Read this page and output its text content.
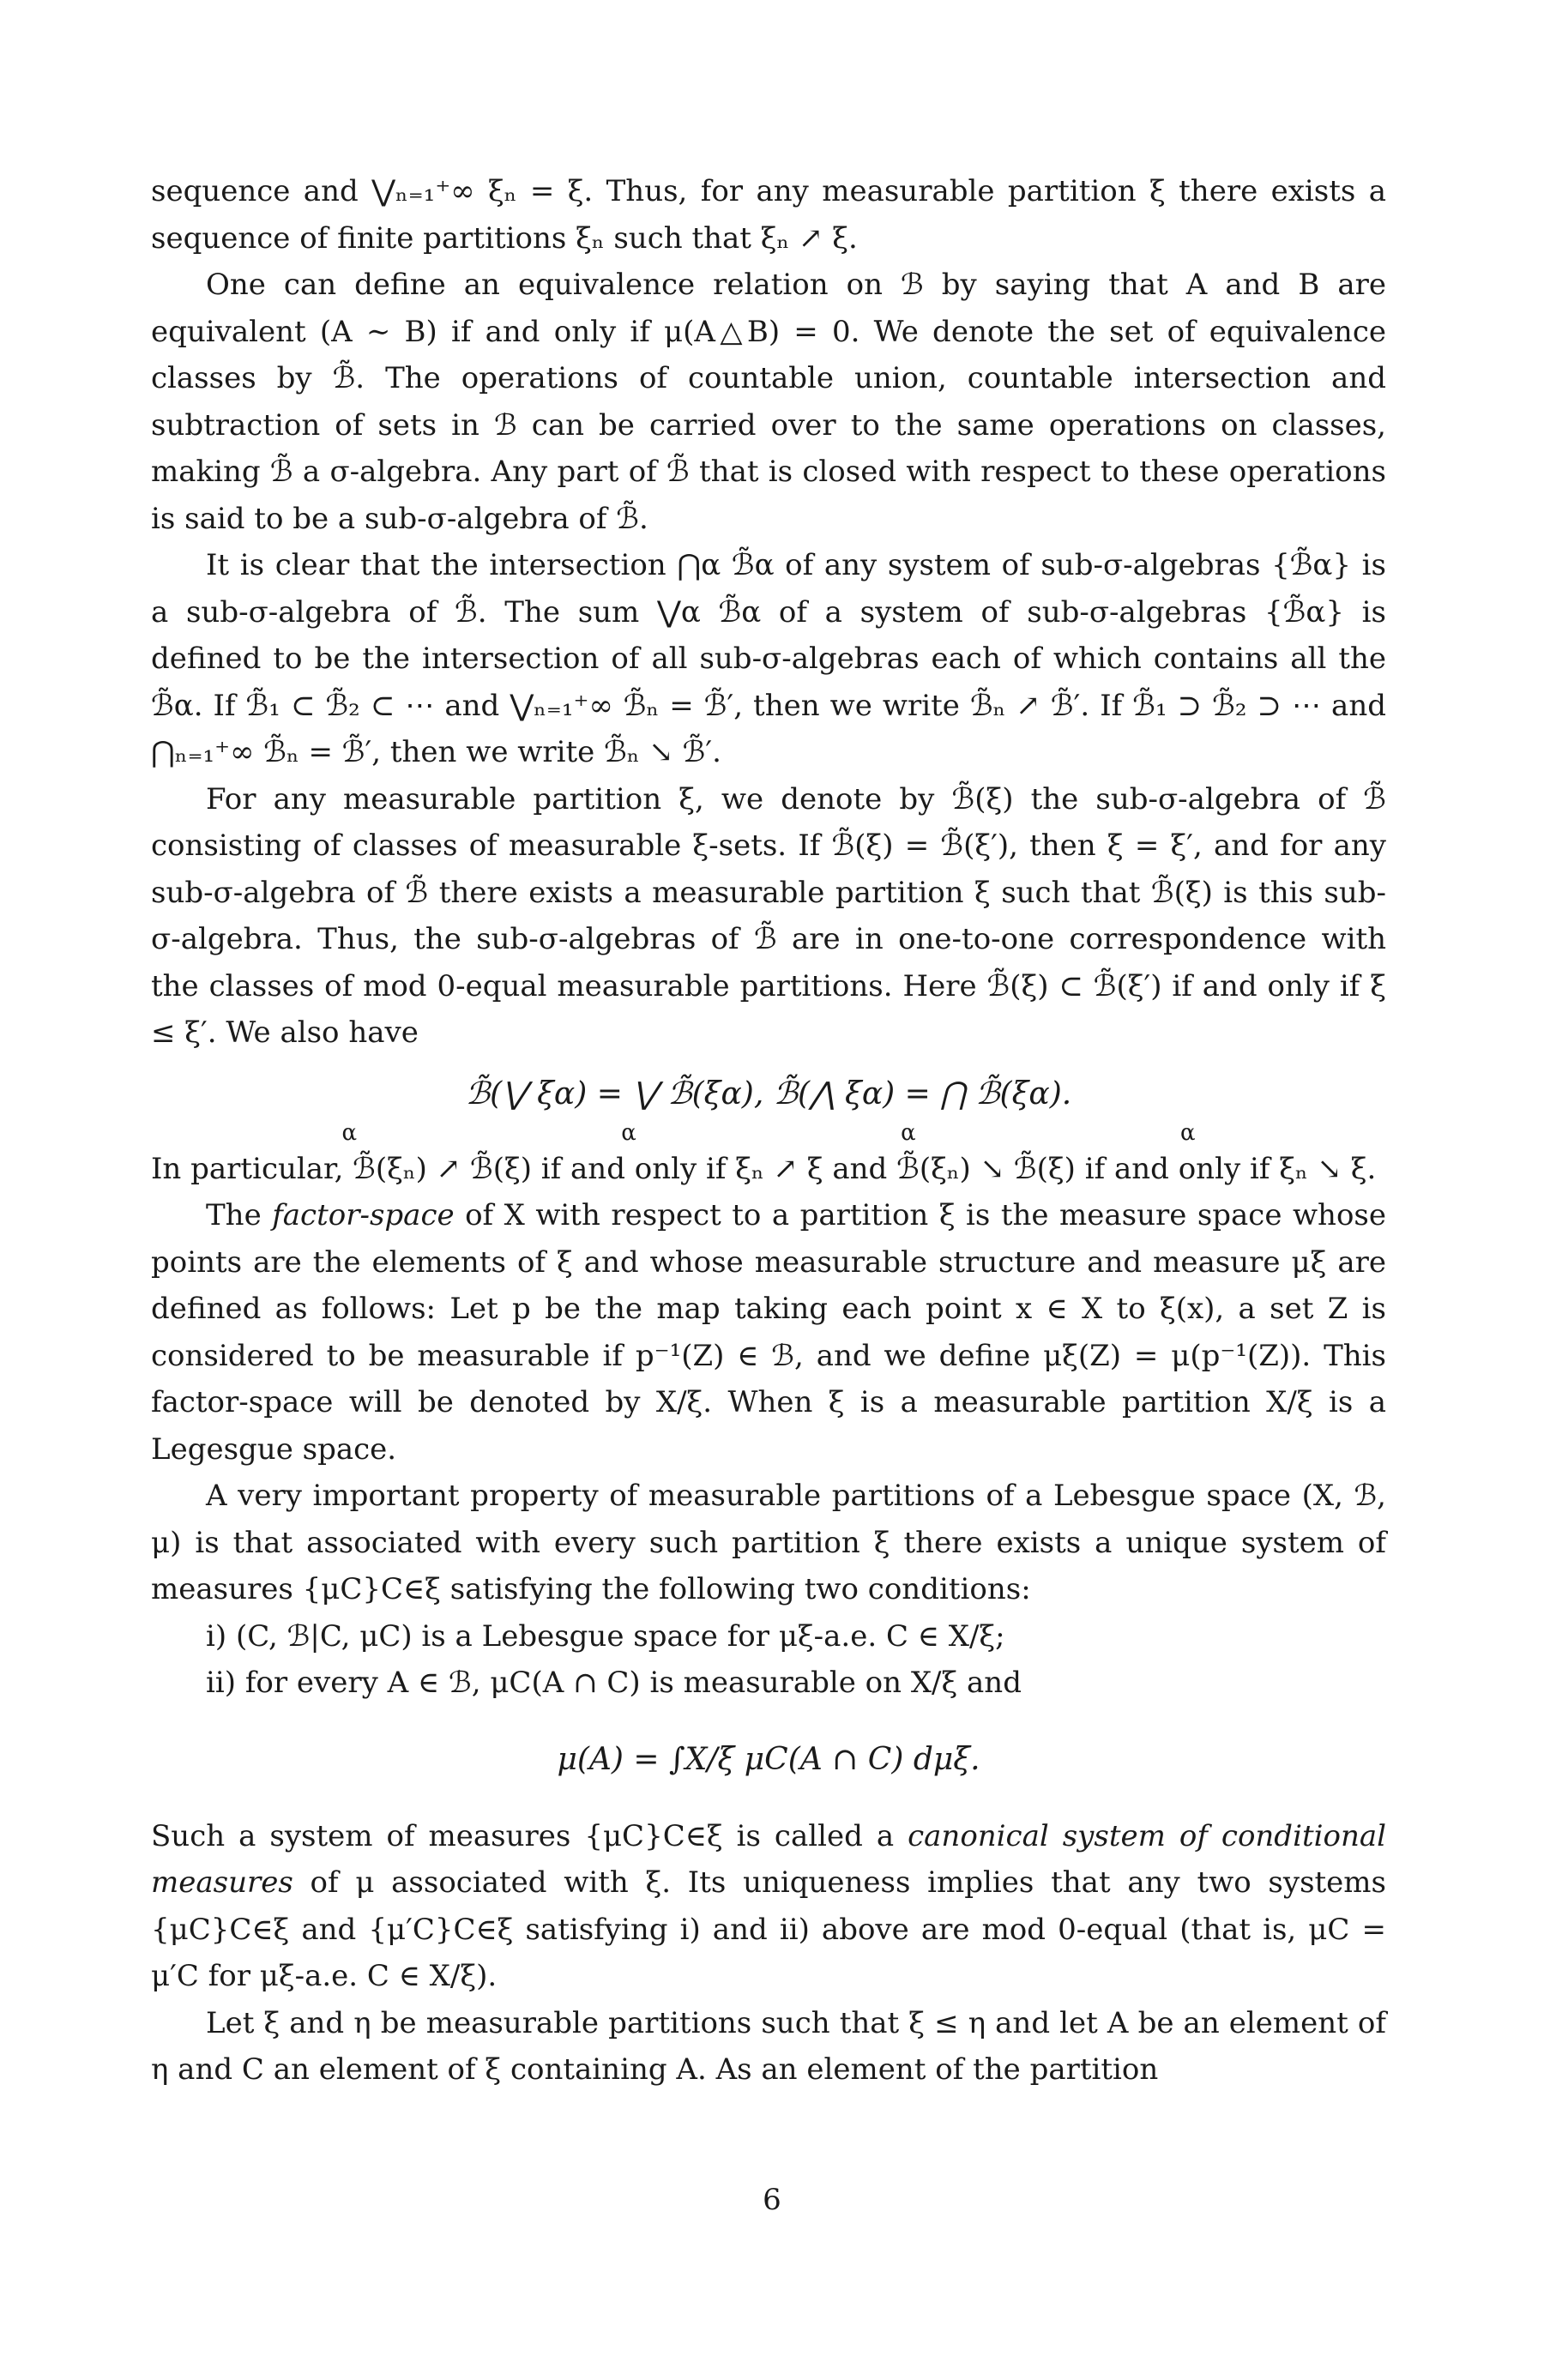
sequence and ⋁ₙ₌₁⁺∞ ξₙ = ξ. Thus, for any measurable partition ξ there exists a sequence of finite partitions ξₙ such that ξₙ ↗ ξ.

One can define an equivalence relation on ℬ by saying that A and B are equivalent (A ∼ B) if and only if μ(A△B) = 0. We denote the set of equivalence classes by ℬ̃. The operations of countable union, countable intersection and subtraction of sets in ℬ can be carried over to the same operations on classes, making ℬ̃ a σ-algebra. Any part of ℬ̃ that is closed with respect to these operations is said to be a sub-σ-algebra of ℬ̃.

It is clear that the intersection ⋂α ℬ̃α of any system of sub-σ-algebras {ℬ̃α} is a sub-σ-algebra of ℬ̃. The sum ⋁α ℬ̃α of a system of sub-σ-algebras {ℬ̃α} is defined to be the intersection of all sub-σ-algebras each of which contains all the ℬ̃α. If ℬ̃₁ ⊂ ℬ̃₂ ⊂ ⋯ and ⋁ₙ₌₁⁺∞ ℬ̃ₙ = ℬ̃′, then we write ℬ̃ₙ ↗ ℬ̃′. If ℬ̃₁ ⊃ ℬ̃₂ ⊃ ⋯ and ⋂ₙ₌₁⁺∞ ℬ̃ₙ = ℬ̃′, then we write ℬ̃ₙ ↘ ℬ̃′.

For any measurable partition ξ, we denote by ℬ̃(ξ) the sub-σ-algebra of ℬ̃ consisting of classes of measurable ξ-sets. If ℬ̃(ξ) = ℬ̃(ξ′), then ξ = ξ′, and for any sub-σ-algebra of ℬ̃ there exists a measurable partition ξ such that ℬ̃(ξ) is this sub-σ-algebra. Thus, the sub-σ-algebras of ℬ̃ are in one-to-one correspondence with the classes of mod 0-equal measurable partitions. Here ℬ̃(ξ) ⊂ ℬ̃(ξ′) if and only if ξ ≤ ξ′. We also have

ℬ̃(⋁ ξα) = ⋁ ℬ̃(ξα), ℬ̃(⋀ ξα) = ⋂ ℬ̃(ξα).
α α α α

In particular, ℬ̃(ξₙ) ↗ ℬ̃(ξ) if and only if ξₙ ↗ ξ and ℬ̃(ξₙ) ↘ ℬ̃(ξ) if and only if ξₙ ↘ ξ.

The factor-space of X with respect to a partition ξ is the measure space whose points are the elements of ξ and whose measurable structure and measure μξ are defined as follows: Let p be the map taking each point x ∈ X to ξ(x), a set Z is considered to be measurable if p⁻¹(Z) ∈ ℬ, and we define μξ(Z) = μ(p⁻¹(Z)). This factor-space will be denoted by X/ξ. When ξ is a measurable partition X/ξ is a Legesgue space.

A very important property of measurable partitions of a Lebesgue space (X, ℬ, μ) is that associated with every such partition ξ there exists a unique system of measures {μC}C∈ξ satisfying the following two conditions:

i) (C, ℬ|C, μC) is a Lebesgue space for μξ-a.e. C ∈ X/ξ;

ii) for every A ∈ ℬ, μC(A ∩ C) is measurable on X/ξ and

μ(A) = ∫X/ξ μC(A ∩ C) dμξ.

Such a system of measures {μC}C∈ξ is called a canonical system of conditional measures of μ associated with ξ. Its uniqueness implies that any two systems {μC}C∈ξ and {μ′C}C∈ξ satisfying i) and ii) above are mod 0-equal (that is, μC = μ′C for μξ-a.e. C ∈ X/ξ).

Let ξ and η be measurable partitions such that ξ ≤ η and let A be an element of η and C an element of ξ containing A. As an element of the partition

6
